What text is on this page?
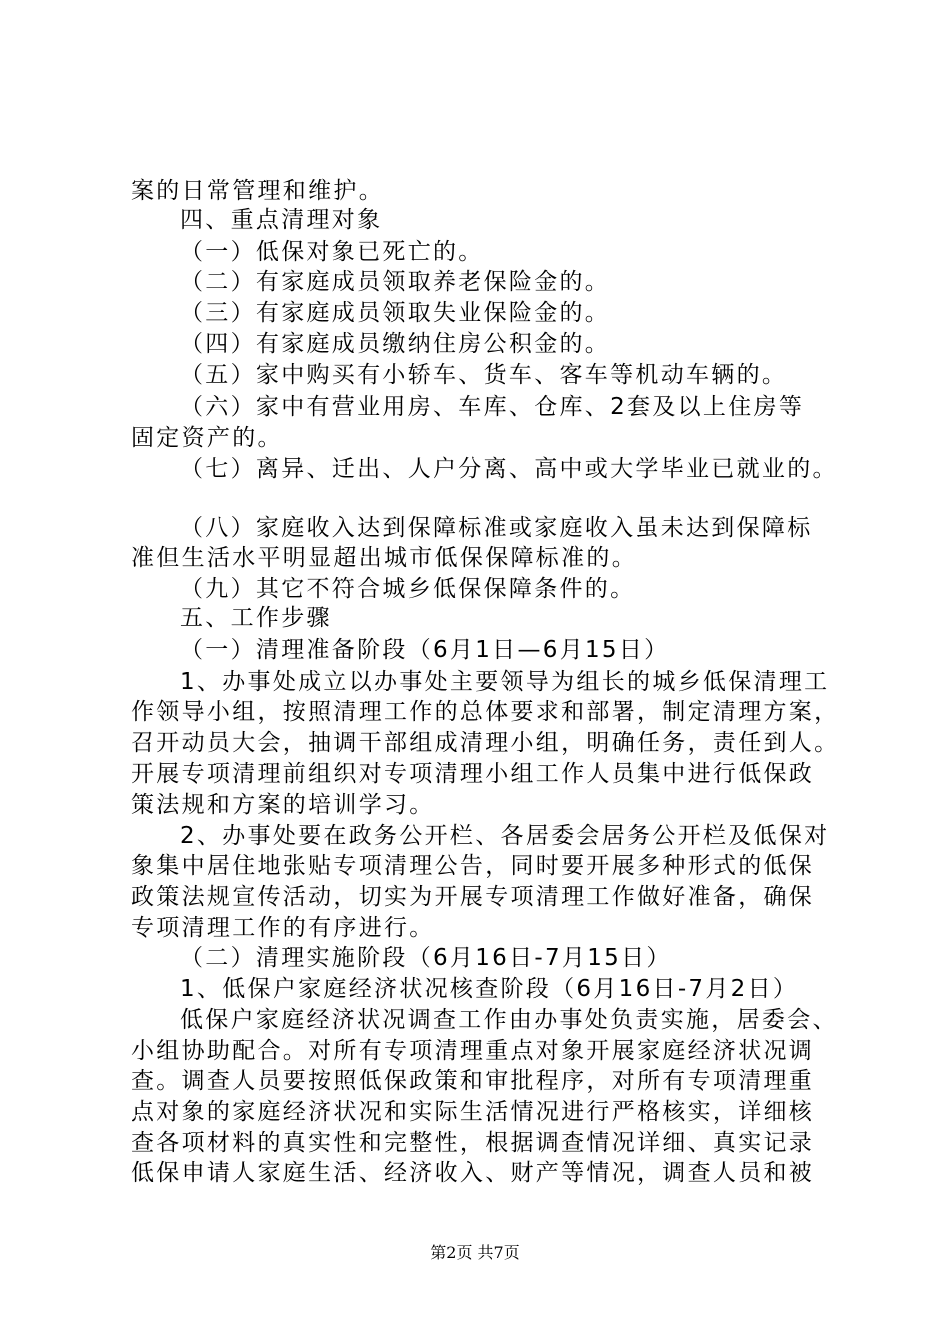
案的日常管理和维护。
四、重点清理对象
（一）低保对象已死亡的。
（二）有家庭成员领取养老保险金的。
（三）有家庭成员领取失业保险金的。
（四）有家庭成员缴纳住房公积金的。
（五）家中购买有小轿车、货车、客车等机动车辆的。
（六）家中有营业用房、车库、仓库、2套及以上住房等
固定资产的。
（七）离异、迁出、人户分离、高中或大学毕业已就业的。
（八）家庭收入达到保障标准或家庭收入虽未达到保障标
准但生活水平明显超出城市低保保障标准的。
（九）其它不符合城乡低保保障条件的。
五、工作步骤
（一）清理准备阶段（6月1日—6月15日）
1、办事处成立以办事处主要领导为组长的城乡低保清理工
作领导小组，按照清理工作的总体要求和部署，制定清理方案，
召开动员大会，抽调干部组成清理小组，明确任务，责任到人。
开展专项清理前组织对专项清理小组工作人员集中进行低保政
策法规和方案的培训学习。
2、办事处要在政务公开栏、各居委会居务公开栏及低保对
象集中居住地张贴专项清理公告，同时要开展多种形式的低保
政策法规宣传活动，切实为开展专项清理工作做好准备，确保
专项清理工作的有序进行。
（二）清理实施阶段（6月16日-7月15日）
1、低保户家庭经济状况核查阶段（6月16日-7月2日）
低保户家庭经济状况调查工作由办事处负责实施，居委会、
小组协助配合。对所有专项清理重点对象开展家庭经济状况调
查。调查人员要按照低保政策和审批程序，对所有专项清理重
点对象的家庭经济状况和实际生活情况进行严格核实，详细核
查各项材料的真实性和完整性，根据调查情况详细、真实记录
低保申请人家庭生活、经济收入、财产等情况，调查人员和被
第2页 共7页
